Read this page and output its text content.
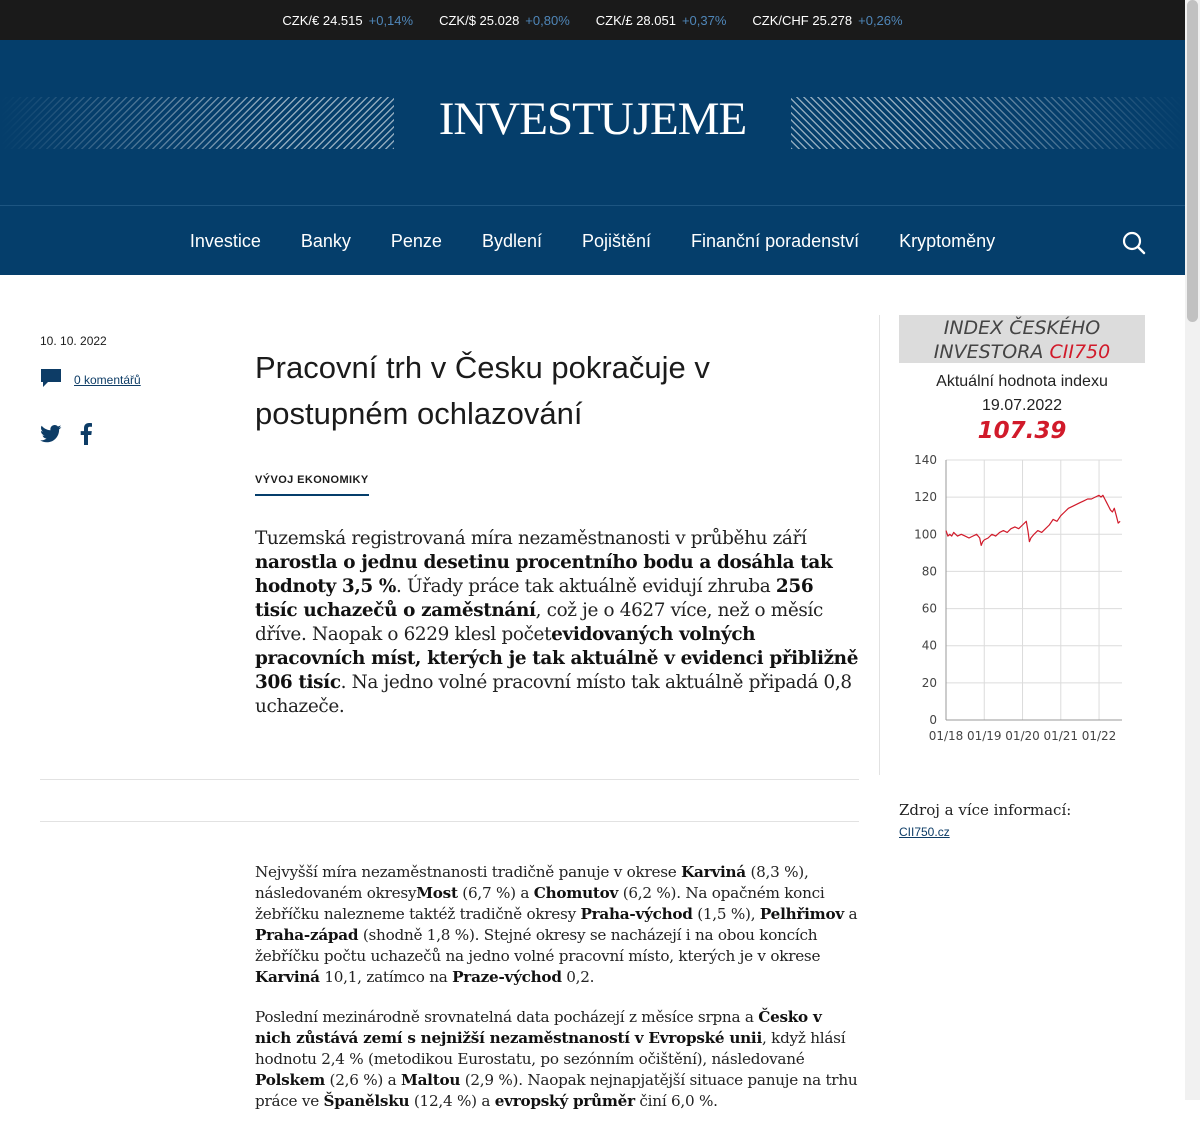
CZK/€ 24.515 +0,14% CZK/$ 25.028 +0,80% CZK/£ 28.051 +0,37% CZK/CHF 25.278 +0,26%
INVESTUJEME
Investice Banky Penze Bydlení Pojištění Finanční poradenství Kryptoměny
10. 10. 2022
0 komentářů	Pracovní trh v Česku pokračuje v postupném ochlazování
VÝVOJ EKONOMIKY
Tuzemská registrovaná míra nezaměstnanosti v průběhu září narostla o jednu desetinu procentního bodu a dosáhla tak hodnoty 3,5 %. Úřady práce tak aktuálně evidují zhruba 256 tisíc uchazečů o zaměstnání, což je o 4627 více, než o měsíc dříve. Naopak o 6229 klesl početevidovaných volných pracovních míst, kterých je tak aktuálně v evidenci přibližně 306 tisíc. Na jedno volné pracovní místo tak aktuálně připadá 0,8 uchazeče.

Nejvyšší míra nezaměstnanosti tradičně panuje v okrese Karviná (8,3 %), následovaném okresyMost (6,7 %) a Chomutov (6,2 %). Na opačném konci žebříčku nalezneme taktéž tradičně okresy Praha-východ (1,5 %), Pelhřimov a Praha-západ (shodně 1,8 %). Stejné okresy se nacházejí i na obou koncích žebříčku počtu uchazečů na jedno volné pracovní místo, kterých je v okrese Karviná 10,1, zatímco na Praze-východ 0,2.

Poslední mezinárodně srovnatelná data pocházejí z měsíce srpna a Česko v nich zůstává zemí s nejnižší nezaměstnaností v Evropské unii, když hlásí hodnotu 2,4 % (metodikou Eurostatu, po sezónním očištění), následované Polskem (2,6 %) a Maltou (2,9 %). Naopak nejnapjatější situace panuje na trhu práce ve Španělsku (12,4 %) a evropský průměr činí 6,0 %.

INDEX ČESKÉHO
INVESTORA CII750
Aktuální hodnota indexu
19.07.2022
107.39
0
20
40
60
80
100
120
140
01/18 01/19 01/20 01/21 01/22
Zdroj a více informací:
CII750.cz
